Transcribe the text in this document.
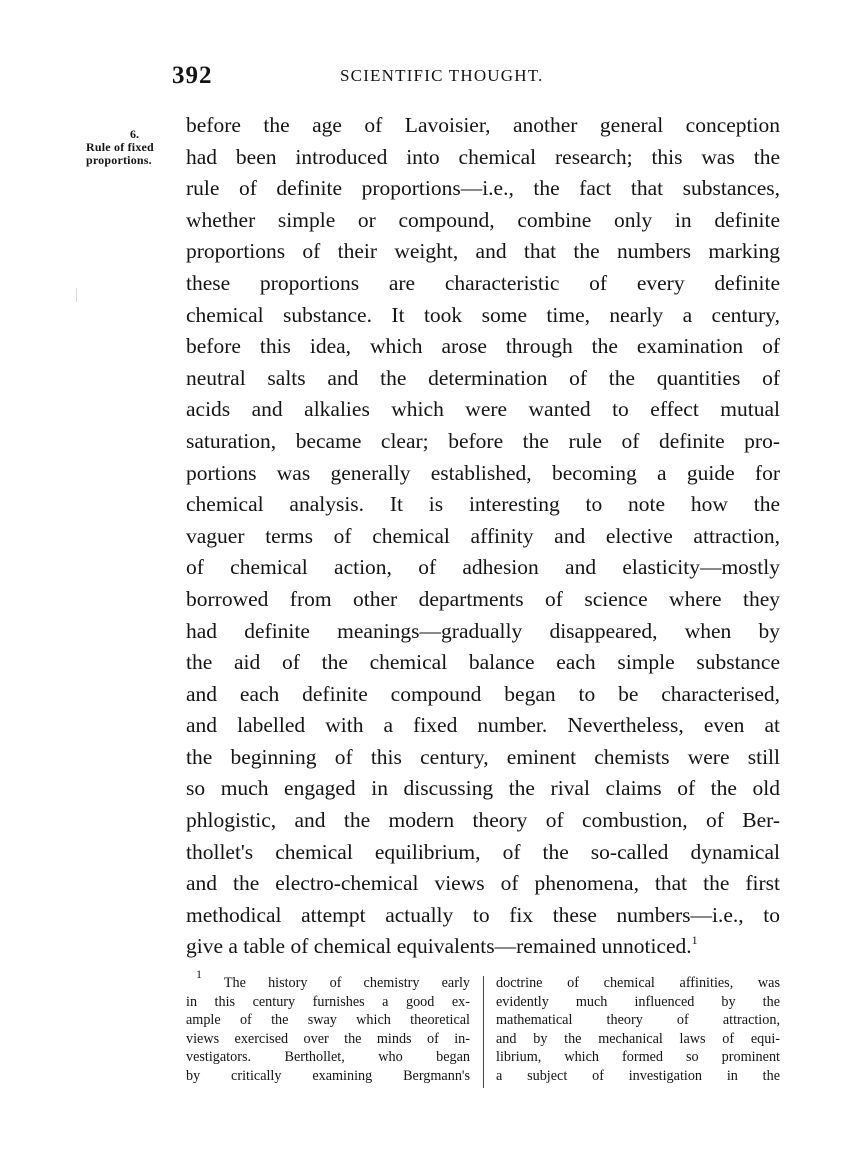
392	SCIENTIFIC THOUGHT.
6.
Rule of fixed
proportions.
before the age of Lavoisier, another general conception
had been introduced into chemical research; this was the
rule of definite proportions—i.e., the fact that substances,
whether simple or compound, combine only in definite
proportions of their weight, and that the numbers marking
these proportions are characteristic of every definite
chemical substance. It took some time, nearly a century,
before this idea, which arose through the examination of
neutral salts and the determination of the quantities of
acids and alkalies which were wanted to effect mutual
saturation, became clear; before the rule of definite pro-
portions was generally established, becoming a guide for
chemical analysis. It is interesting to note how the
vaguer terms of chemical affinity and elective attraction,
of chemical action, of adhesion and elasticity—mostly
borrowed from other departments of science where they
had definite meanings—gradually disappeared, when by
the aid of the chemical balance each simple substance
and each definite compound began to be characterised,
and labelled with a fixed number. Nevertheless, even at
the beginning of this century, eminent chemists were still
so much engaged in discussing the rival claims of the old
phlogistic, and the modern theory of combustion, of Ber-
thollet's chemical equilibrium, of the so-called dynamical
and the electro-chemical views of phenomena, that the first
methodical attempt actually to fix these numbers—i.e., to
give a table of chemical equivalents—remained unnoticed.$^1$
$^1$ The history of chemistry early
in this century furnishes a good ex-
ample of the sway which theoretical
views exercised over the minds of in-
vestigators. Berthollet, who began
by critically examining Bergmann's
doctrine of chemical affinities, was
evidently much influenced by the
mathematical theory of attraction,
and by the mechanical laws of equi-
librium, which formed so prominent
a subject of investigation in the
